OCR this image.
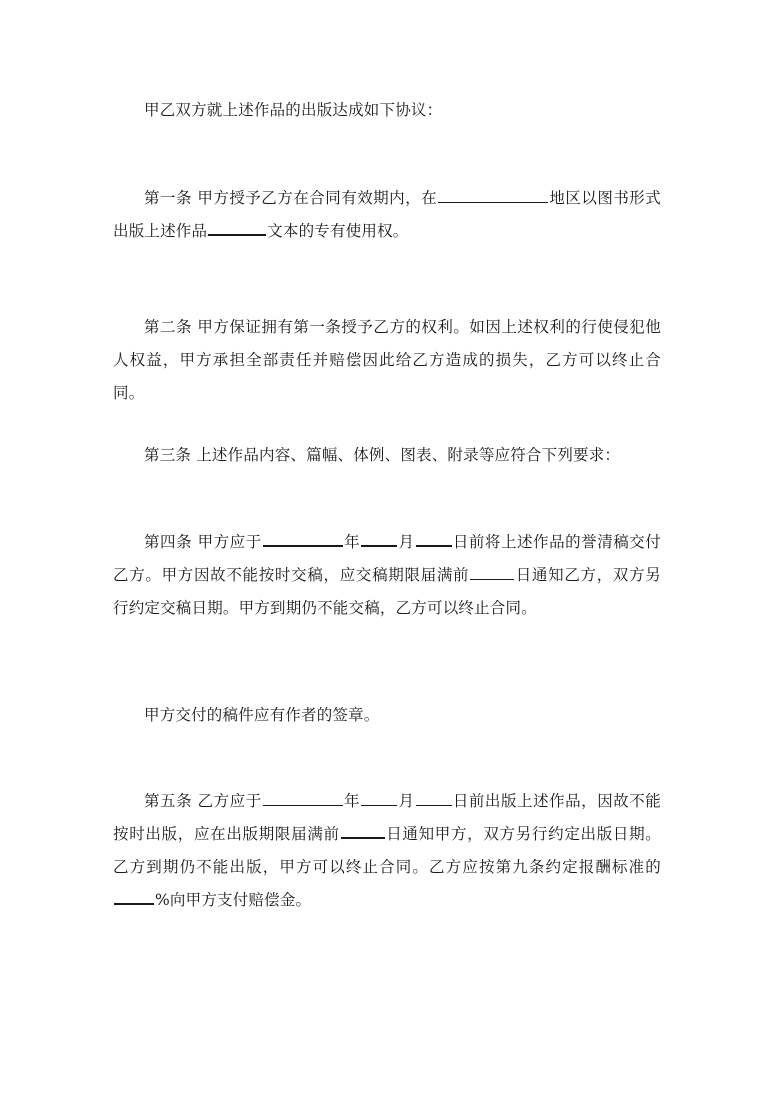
甲乙双方就上述作品的出版达成如下协议：

第一条 甲方授予乙方在合同有效期内，在	地区以图书形式出版上述作品	文本的专有使用权。

第二条 甲方保证拥有第一条授予乙方的权利。如因上述权利的行使侵犯他人权益，甲方承担全部责任并赔偿因此给乙方造成的损失，乙方可以终止合同。

第三条 上述作品内容、篇幅、体例、图表、附录等应符合下列要求：

第四条 甲方应于	年 月 日前将上述作品的誉清稿交付乙方。甲方因故不能按时交稿，应交稿期限届满前	日通知乙方，双方另行约定交稿日期。甲方到期仍不能交稿，乙方可以终止合同。

甲方交付的稿件应有作者的签章。

第五条 乙方应于	年 月 日前出版上述作品，因故不能按时出版，应在出版期限届满前	日通知甲方，双方另行约定出版日期。乙方到期仍不能出版，甲方可以终止合同。乙方应按第九条约定报酬标准的%向甲方支付赔偿金。
